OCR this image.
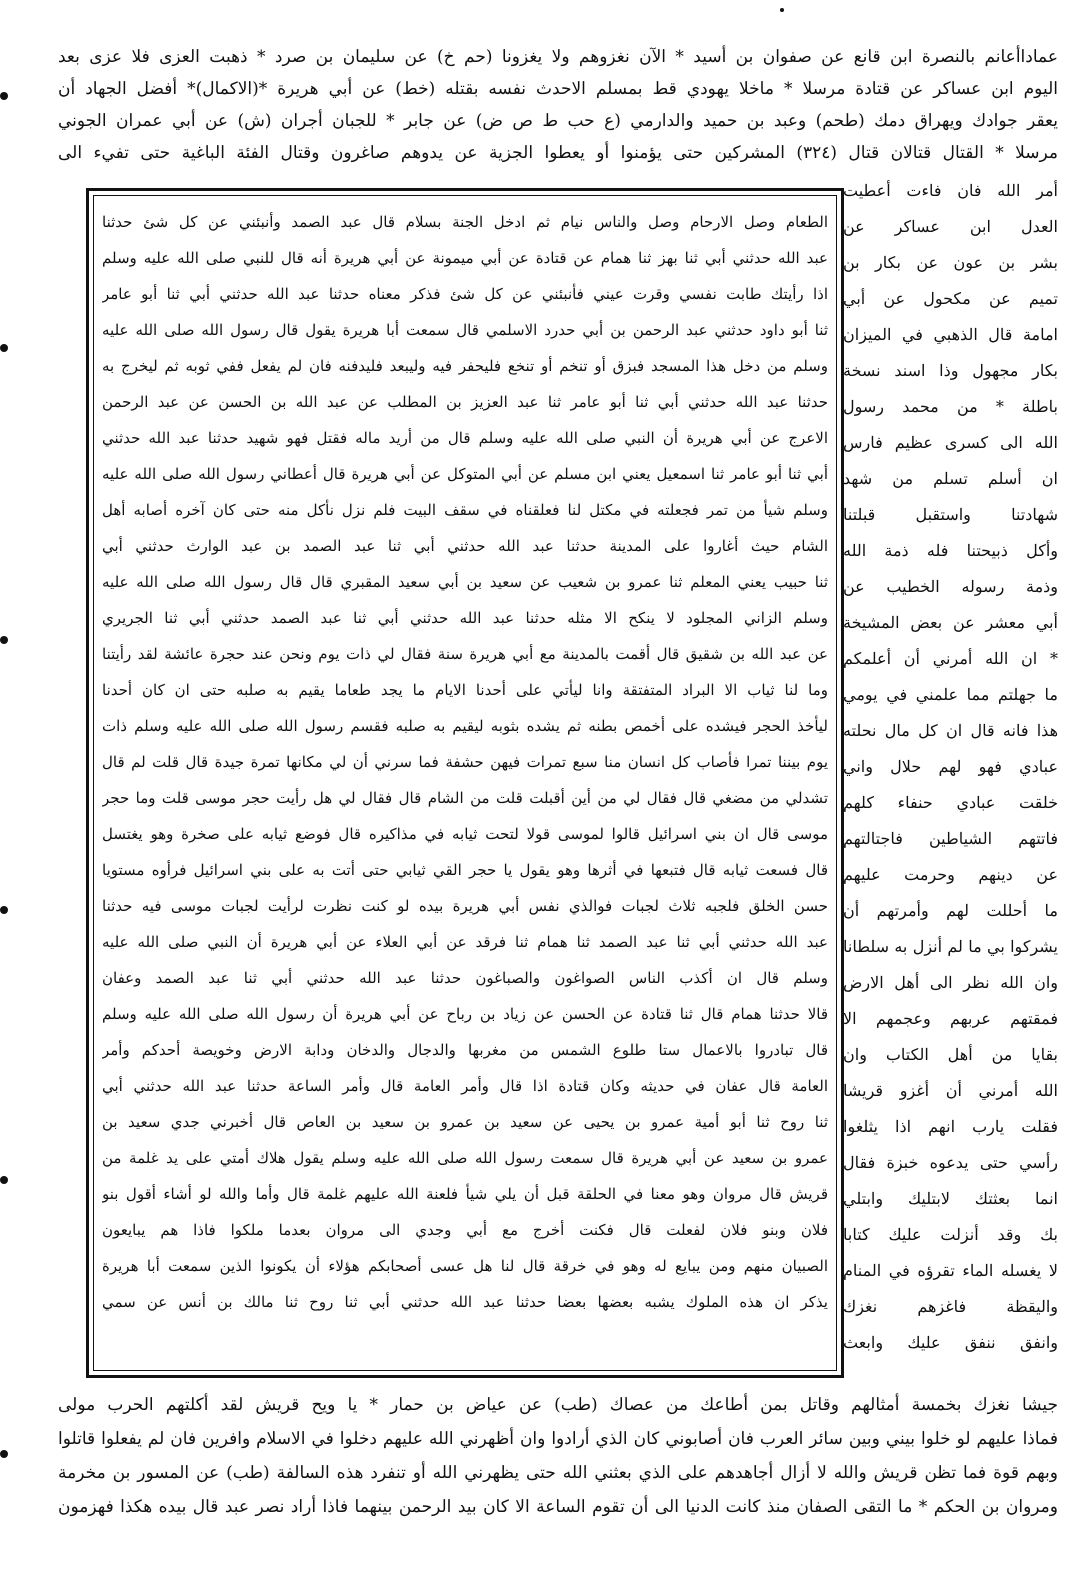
عماداأعانم بالنصرة ابن قانع عن صفوان بن أسيد * الآن نغزوهم ولا يغزونا (حم خ) عن سليمان بن صرد * ذهبت العزى فلا عزى بعد
اليوم ابن عساكر عن قتادة مرسلا * ماخلا يهودي قط بمسلم الاحدث نفسه بقتله (خط) عن أبي هريرة *(الاكمال)* أفضل الجهاد أن
يعقر جوادك ويهراق دمك (طحم) وعبد بن حميد والدارمي (ع حب ط ص ض) عن جابر * للجبان أجران (ش) عن أبي عمران الجوني
مرسلا * القتال قتالان قتال (٣٢٤) المشركين حتى يؤمنوا أو يعطوا الجزية عن يدوهم صاغرون وقتال الفئة الباغية حتى تفيء الى
أمر الله فان فاءت أعطيت
العدل ابن عساكر عن
بشر بن عون عن بكار بن
تميم عن مكحول عن أبي
امامة قال الذهبي في الميزان
بكار مجهول وذا اسند نسخة
باطلة * من محمد رسول
الله الى كسرى عظيم فارس
ان أسلم تسلم من شهد
شهادتنا واستقبل قبلتنا
وأكل ذبيحتنا فله ذمة الله
وذمة رسوله الخطيب عن
أبي معشر عن بعض المشيخة
* ان الله أمرني أن أعلمكم
ما جهلتم مما علمني في يومي
هذا فانه قال ان كل مال نحلته
عبادي فهو لهم حلال واني
خلقت عبادي حنفاء كلهم
فاتتهم الشياطين فاجتالتهم
عن دينهم وحرمت عليهم
ما أحللت لهم وأمرتهم أن
يشركوا بي ما لم أنزل به سلطانا
وان الله نظر الى أهل الارض
فمقتهم عربهم وعجمهم الا
بقايا من أهل الكتاب وان
الله أمرني أن أغزو قريشا
فقلت يارب انهم اذا يثلغوا
رأسي حتى يدعوه خبزة فقال
انما بعثتك لابتليك وابتلي
بك وقد أنزلت عليك كتابا
لا يغسله الماء تقرؤه في المنام
واليقظة فاغزهم نغزك
وانفق ننفق عليك وابعث
الطعام وصل الارحام وصل والناس نيام ثم ادخل الجنة بسلام قال عبد الصمد وأنبئني عن كل شئ حدثنا
عبد الله حدثني أبي ثنا بهز ثنا همام عن قتادة عن أبي ميمونة عن أبي هريرة أنه قال للنبي صلى الله عليه وسلم
اذا رأيتك طابت نفسي وقرت عيني فأنبئني عن كل شئ فذكر معناه حدثنا عبد الله حدثني أبي ثنا أبو عامر
ثنا أبو داود حدثني عبد الرحمن بن أبي حدرد الاسلمي قال سمعت أبا هريرة يقول قال رسول الله صلى الله عليه
وسلم من دخل هذا المسجد فبزق أو تنخم أو تنخع فليحفر فيه وليبعد فليدفنه فان لم يفعل ففي ثوبه ثم ليخرج به
حدثنا عبد الله حدثني أبي ثنا أبو عامر ثنا عبد العزيز بن المطلب عن عبد الله بن الحسن عن عبد الرحمن
الاعرج عن أبي هريرة أن النبي صلى الله عليه وسلم قال من أريد ماله فقتل فهو شهيد حدثنا عبد الله حدثني
أبي ثنا أبو عامر ثنا اسمعيل يعني ابن مسلم عن أبي المتوكل عن أبي هريرة قال أعطاني رسول الله صلى الله عليه
وسلم شيأ من تمر فجعلته في مكتل لنا فعلقناه في سقف البيت فلم نزل نأكل منه حتى كان آخره أصابه أهل
الشام حيث أغاروا على المدينة حدثنا عبد الله حدثني أبي ثنا عبد الصمد بن عبد الوارث حدثني أبي
ثنا حبيب يعني المعلم ثنا عمرو بن شعيب عن سعيد بن أبي سعيد المقبري قال قال رسول الله صلى الله عليه
وسلم الزاني المجلود لا ينكح الا مثله حدثنا عبد الله حدثني أبي ثنا عبد الصمد حدثني أبي ثنا الجريري
عن عبد الله بن شقيق قال أقمت بالمدينة مع أبي هريرة سنة فقال لي ذات يوم ونحن عند حجرة عائشة لقد رأيتنا
وما لنا ثياب الا البراد المتفتقة وانا ليأتي على أحدنا الايام ما يجد طعاما يقيم به صلبه حتى ان كان أحدنا
ليأخذ الحجر فيشده على أخمص بطنه ثم يشده بثوبه ليقيم به صلبه فقسم رسول الله صلى الله عليه وسلم ذات
يوم بيننا تمرا فأصاب كل انسان منا سبع تمرات فيهن حشفة فما سرني أن لي مكانها تمرة جيدة قال قلت لم قال
تشدلي من مضغي قال فقال لي من أين أقبلت قلت من الشام قال فقال لي هل رأيت حجر موسى قلت وما حجر
موسى قال ان بني اسرائيل قالوا لموسى قولا لتحت ثيابه في مذاكيره قال فوضع ثيابه على صخرة وهو يغتسل
قال فسعت ثيابه قال فتبعها في أثرها وهو يقول يا حجر القي ثيابي حتى أتت به على بني اسرائيل فرأوه مستويا
حسن الخلق فلجبه ثلاث لجبات فوالذي نفس أبي هريرة بيده لو كنت نظرت لرأيت لجبات موسى فيه حدثنا
عبد الله حدثني أبي ثنا عبد الصمد ثنا همام ثنا فرقد عن أبي العلاء عن أبي هريرة أن النبي صلى الله عليه
وسلم قال ان أكذب الناس الصواغون والصباغون حدثنا عبد الله حدثني أبي ثنا عبد الصمد وعفان
قالا حدثنا همام قال ثنا قتادة عن الحسن عن زياد بن رباح عن أبي هريرة أن رسول الله صلى الله عليه وسلم
قال تبادروا بالاعمال ستا طلوع الشمس من مغربها والدجال والدخان ودابة الارض وخويصة أحدكم وأمر
العامة قال عفان في حديثه وكان قتادة اذا قال وأمر العامة قال وأمر الساعة حدثنا عبد الله حدثني أبي
ثنا روح ثنا أبو أمية عمرو بن يحيى عن سعيد بن عمرو بن سعيد بن العاص قال أخبرني جدي سعيد بن
عمرو بن سعيد عن أبي هريرة قال سمعت رسول الله صلى الله عليه وسلم يقول هلاك أمتي على يد غلمة من
قريش قال مروان وهو معنا في الحلقة قبل أن يلي شيأ فلعنة الله عليهم غلمة قال وأما والله لو أشاء أقول بنو
فلان وبنو فلان لفعلت قال فكنت أخرج مع أبي وجدي الى مروان بعدما ملكوا فاذا هم يبايعون
الصبيان منهم ومن يبايع له وهو في خرقة قال لنا هل عسى أصحابكم هؤلاء أن يكونوا الذين سمعت أبا هريرة
يذكر ان هذه الملوك يشبه بعضها بعضا حدثنا عبد الله حدثني أبي ثنا روح ثنا مالك بن أنس عن سمي
جيشا نغزك بخمسة أمثالهم وقاتل بمن أطاعك من عصاك (طب) عن عياض بن حمار * يا ويح قريش لقد أكلتهم الحرب مولى
فماذا عليهم لو خلوا بيني وبين سائر العرب فان أصابوني كان الذي أرادوا وان أظهرني الله عليهم دخلوا في الاسلام وافرين فان لم يفعلوا قاتلوا
وبهم قوة فما تظن قريش والله لا أزال أجاهدهم على الذي بعثني الله حتى يظهرني الله أو تنفرد هذه السالفة (طب) عن المسور بن مخرمة
ومروان بن الحكم * ما التقى الصفان منذ كانت الدنيا الى أن تقوم الساعة الا كان بيد الرحمن بينهما فاذا أراد نصر عبد قال بيده هكذا فهزمون
